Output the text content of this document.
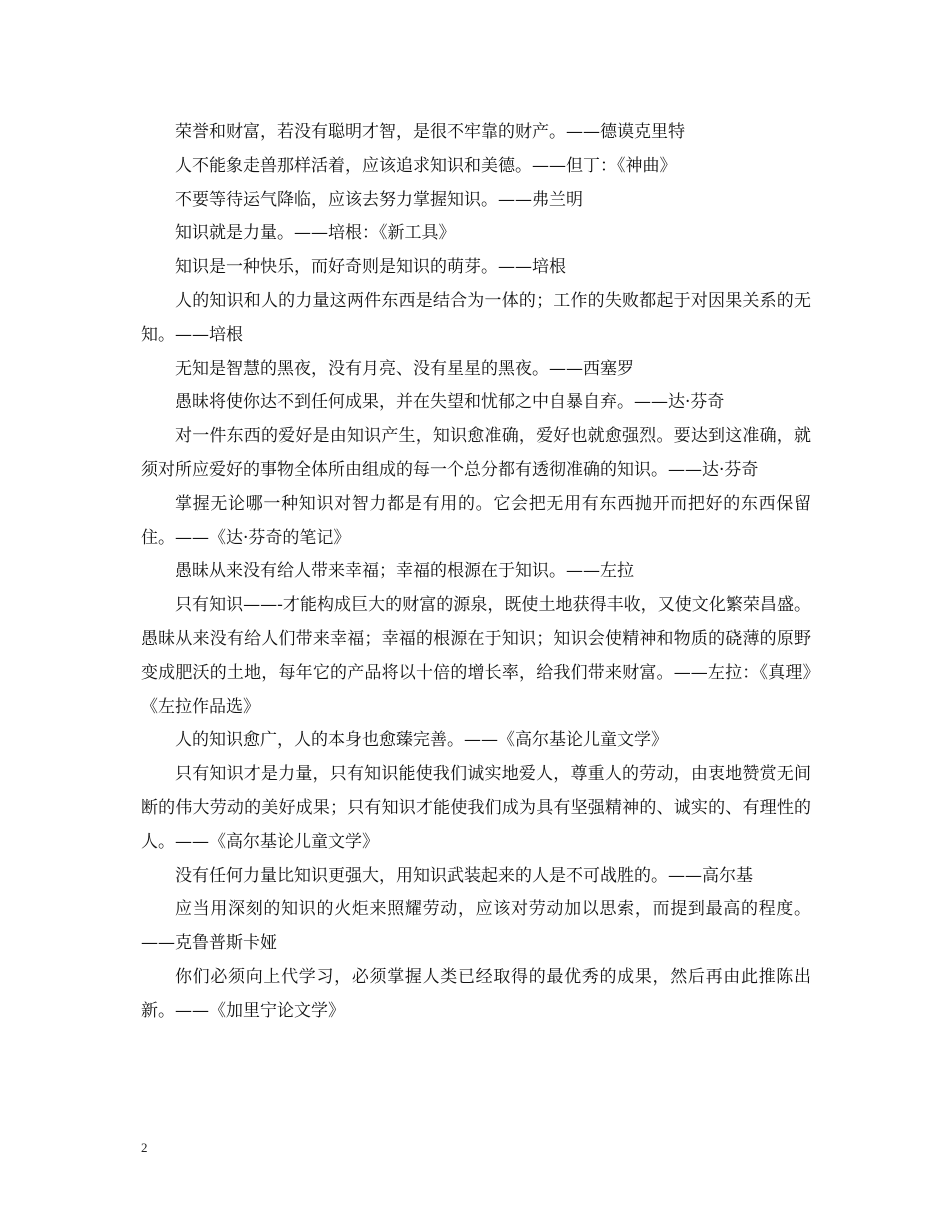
荣誉和财富，若没有聪明才智，是很不牢靠的财产。——德谟克里特

人不能象走兽那样活着，应该追求知识和美德。——但丁：《神曲》

不要等待运气降临，应该去努力掌握知识。——弗兰明

知识就是力量。——培根：《新工具》

知识是一种快乐，而好奇则是知识的萌芽。——培根

人的知识和人的力量这两件东西是结合为一体的；工作的失败都起于对因果关系的无知。——培根

无知是智慧的黑夜，没有月亮、没有星星的黑夜。——西塞罗

愚昧将使你达不到任何成果，并在失望和忧郁之中自暴自弃。——达·芬奇

对一件东西的爱好是由知识产生，知识愈准确，爱好也就愈强烈。要达到这准确，就须对所应爱好的事物全体所由组成的每一个总分都有透彻准确的知识。——达·芬奇

掌握无论哪一种知识对智力都是有用的。它会把无用有东西抛开而把好的东西保留住。——《达·芬奇的笔记》

愚昧从来没有给人带来幸福；幸福的根源在于知识。——左拉

只有知识——-才能构成巨大的财富的源泉，既使土地获得丰收，又使文化繁荣昌盛。愚昧从来没有给人们带来幸福；幸福的根源在于知识；知识会使精神和物质的硗薄的原野变成肥沃的土地，每年它的产品将以十倍的增长率，给我们带来财富。——左拉：《真理》《左拉作品选》

人的知识愈广，人的本身也愈臻完善。——《高尔基论儿童文学》

只有知识才是力量，只有知识能使我们诚实地爱人，尊重人的劳动，由衷地赞赏无间断的伟大劳动的美好成果；只有知识才能使我们成为具有坚强精神的、诚实的、有理性的人。——《高尔基论儿童文学》

没有任何力量比知识更强大，用知识武装起来的人是不可战胜的。——高尔基

应当用深刻的知识的火炬来照耀劳动，应该对劳动加以思索，而提到最高的程度。——克鲁普斯卡娅

你们必须向上代学习，必须掌握人类已经取得的最优秀的成果，然后再由此推陈出新。——《加里宁论文学》

2
